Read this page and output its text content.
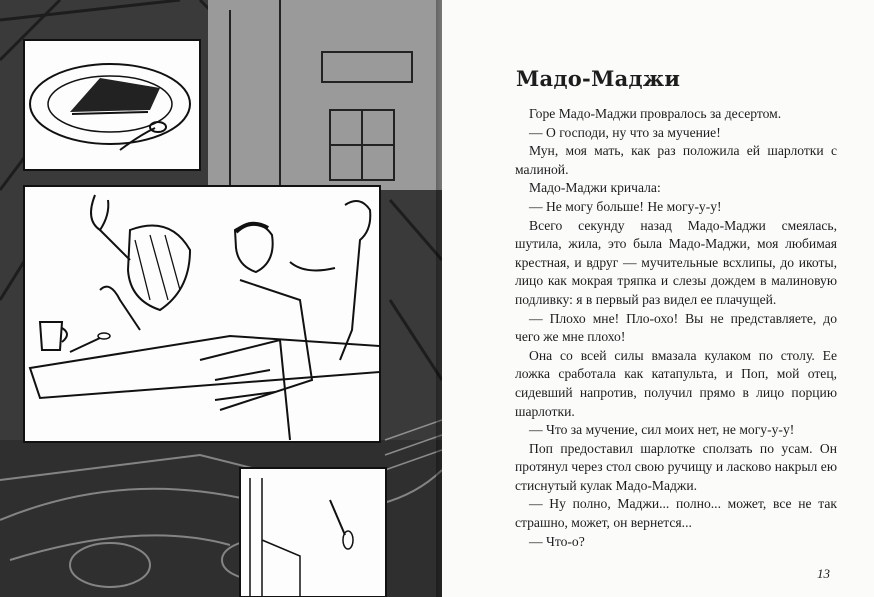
Мадо-Маджи

Горе Мадо-Маджи провралось за десертом.

— О господи, ну что за мучение!

Мун, моя мать, как раз положила ей шарлотки с малиной.

Мадо-Маджи кричала:

— Не могу больше! Не могу-у-у!

Всего секунду назад Мадо-Маджи смеялась, шутила, жила, это была Мадо-Маджи, моя любимая крестная, и вдруг — мучительные всхлипы, до икоты, лицо как мокрая тряпка и слезы дождем в малиновую подливку: я в первый раз видел ее плачущей.

— Плохо мне! Пло-охо! Вы не представляете, до чего же мне плохо!

Она со всей силы вмазала кулаком по столу. Ее ложка сработала как катапульта, и Поп, мой отец, сидевший напротив, получил прямо в лицо порцию шарлотки.

— Что за мучение, сил моих нет, не могу-у-у!

Поп предоставил шарлотке сползать по усам. Он протянул через стол свою ручищу и ласково накрыл ею стиснутый кулак Мадо-Маджи.

— Ну полно, Маджи... полно... может, все не так страшно, может, он вернется...

— Что-о?

13
